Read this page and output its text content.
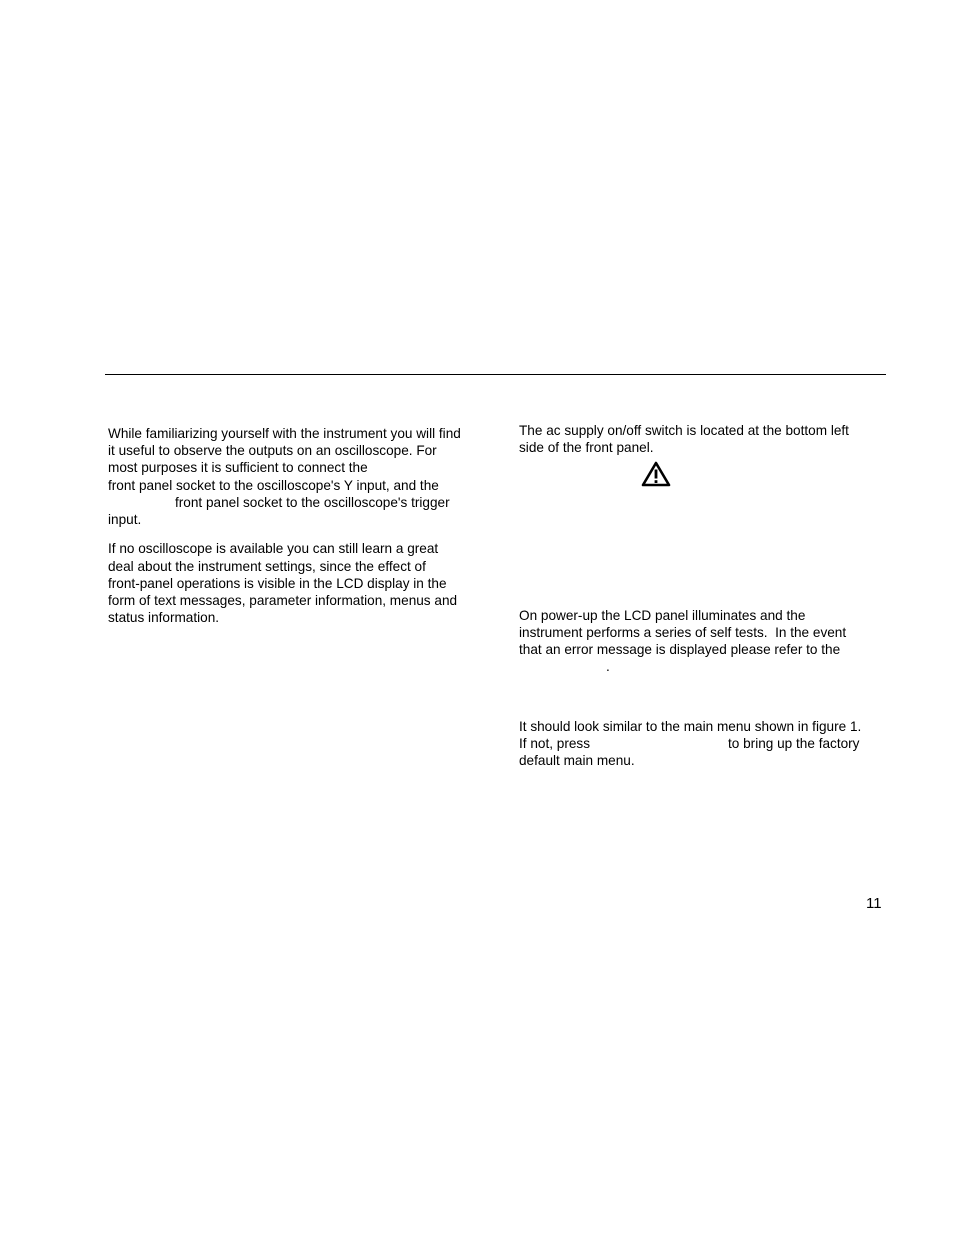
While familiarizing yourself with the instrument you will find
it useful to observe the outputs on an oscilloscope. For
most purposes it is sufficient to connect the
front panel socket to the oscilloscope's Y input, and the
front panel socket to the oscilloscope's trigger
input.
If no oscilloscope is available you can still learn a great
deal about the instrument settings, since the effect of
front-panel operations is visible in the LCD display in the
form of text messages, parameter information, menus and
status information.
The ac supply on/off switch is located at the bottom left
side of the front panel.
On power-up the LCD panel illuminates and the
instrument performs a series of self tests.  In the event
that an error message is displayed please refer to the
.
It should look similar to the main menu shown in figure 1.
If not, press	to bring up the factory
default main menu.
11
